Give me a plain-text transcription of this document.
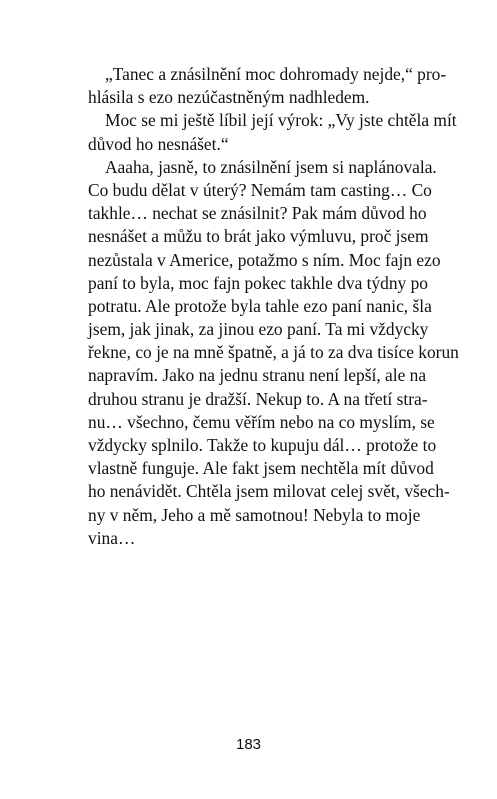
„Tanec a znásilnění moc dohromady nejde,“ pro-
hlásila s ezo nezúčastněným nadhledem.
Moc se mi ještě líbil její výrok: „Vy jste chtěla mít
důvod ho nesnášet.“
Aaaha, jasně, to znásilnění jsem si naplánovala.
Co budu dělat v úterý? Nemám tam casting… Co
takhle… nechat se znásilnit? Pak mám důvod ho
nesnášet a můžu to brát jako výmluvu, proč jsem
nezůstala v Americe, potažmo s ním. Moc fajn ezo
paní to byla, moc fajn pokec takhle dva týdny po
potratu. Ale protože byla tahle ezo paní nanic, šla
jsem, jak jinak, za jinou ezo paní. Ta mi vždycky
řekne, co je na mně špatně, a já to za dva tisíce korun
napravím. Jako na jednu stranu není lepší, ale na
druhou stranu je dražší. Nekup to. A na třetí stra-
nu… všechno, čemu věřím nebo na co myslím, se
vždycky splnilo. Takže to kupuju dál… protože to
vlastně funguje. Ale fakt jsem nechtěla mít důvod
ho nenávidět. Chtěla jsem milovat celej svět, všech-
ny v něm, Jeho a mě samotnou! Nebyla to moje
vina…
183
